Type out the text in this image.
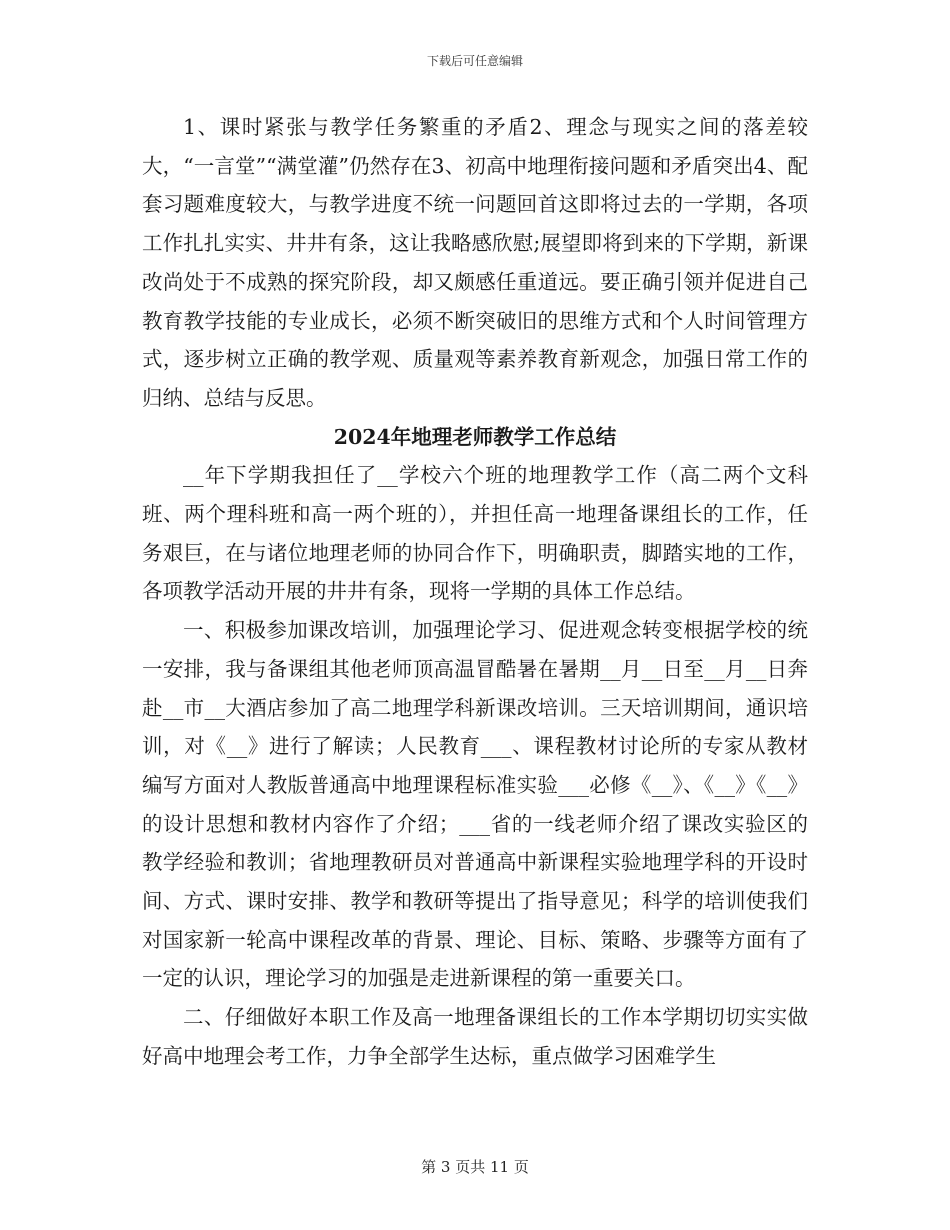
下载后可任意编辑

1、课时紧张与教学任务繁重的矛盾2、理念与现实之间的落差较大，“一言堂”“满堂灌”仍然存在3、初高中地理衔接问题和矛盾突出4、配套习题难度较大，与教学进度不统一问题回首这即将过去的一学期，各项工作扎扎实实、井井有条，这让我略感欣慰;展望即将到来的下学期，新课改尚处于不成熟的探究阶段，却又颇感任重道远。要正确引领并促进自己教育教学技能的专业成长，必须不断突破旧的思维方式和个人时间管理方式，逐步树立正确的教学观、质量观等素养教育新观念，加强日常工作的归纳、总结与反思。

2024年地理老师教学工作总结

__年下学期我担任了__学校六个班的地理教学工作（高二两个文科班、两个理科班和高一两个班的），并担任高一地理备课组长的工作，任务艰巨，在与诸位地理老师的协同合作下，明确职责，脚踏实地的工作，各项教学活动开展的井井有条，现将一学期的具体工作总结。

一、积极参加课改培训，加强理论学习、促进观念转变根据学校的统一安排，我与备课组其他老师顶高温冒酷暑在暑期__月__日至__月__日奔赴__市__大酒店参加了高二地理学科新课改培训。三天培训期间，通识培训，对《__》进行了解读；人民教育___、课程教材讨论所的专家从教材编写方面对人教版普通高中地理课程标准实验___必修《__》、《__》《__》的设计思想和教材内容作了介绍；___省的一线老师介绍了课改实验区的教学经验和教训；省地理教研员对普通高中新课程实验地理学科的开设时间、方式、课时安排、教学和教研等提出了指导意见；科学的培训使我们对国家新一轮高中课程改革的背景、理论、目标、策略、步骤等方面有了一定的认识，理论学习的加强是走进新课程的第一重要关口。

二、仔细做好本职工作及高一地理备课组长的工作本学期切切实实做好高中地理会考工作，力争全部学生达标，重点做学习困难学生

第 3 页共 11 页
